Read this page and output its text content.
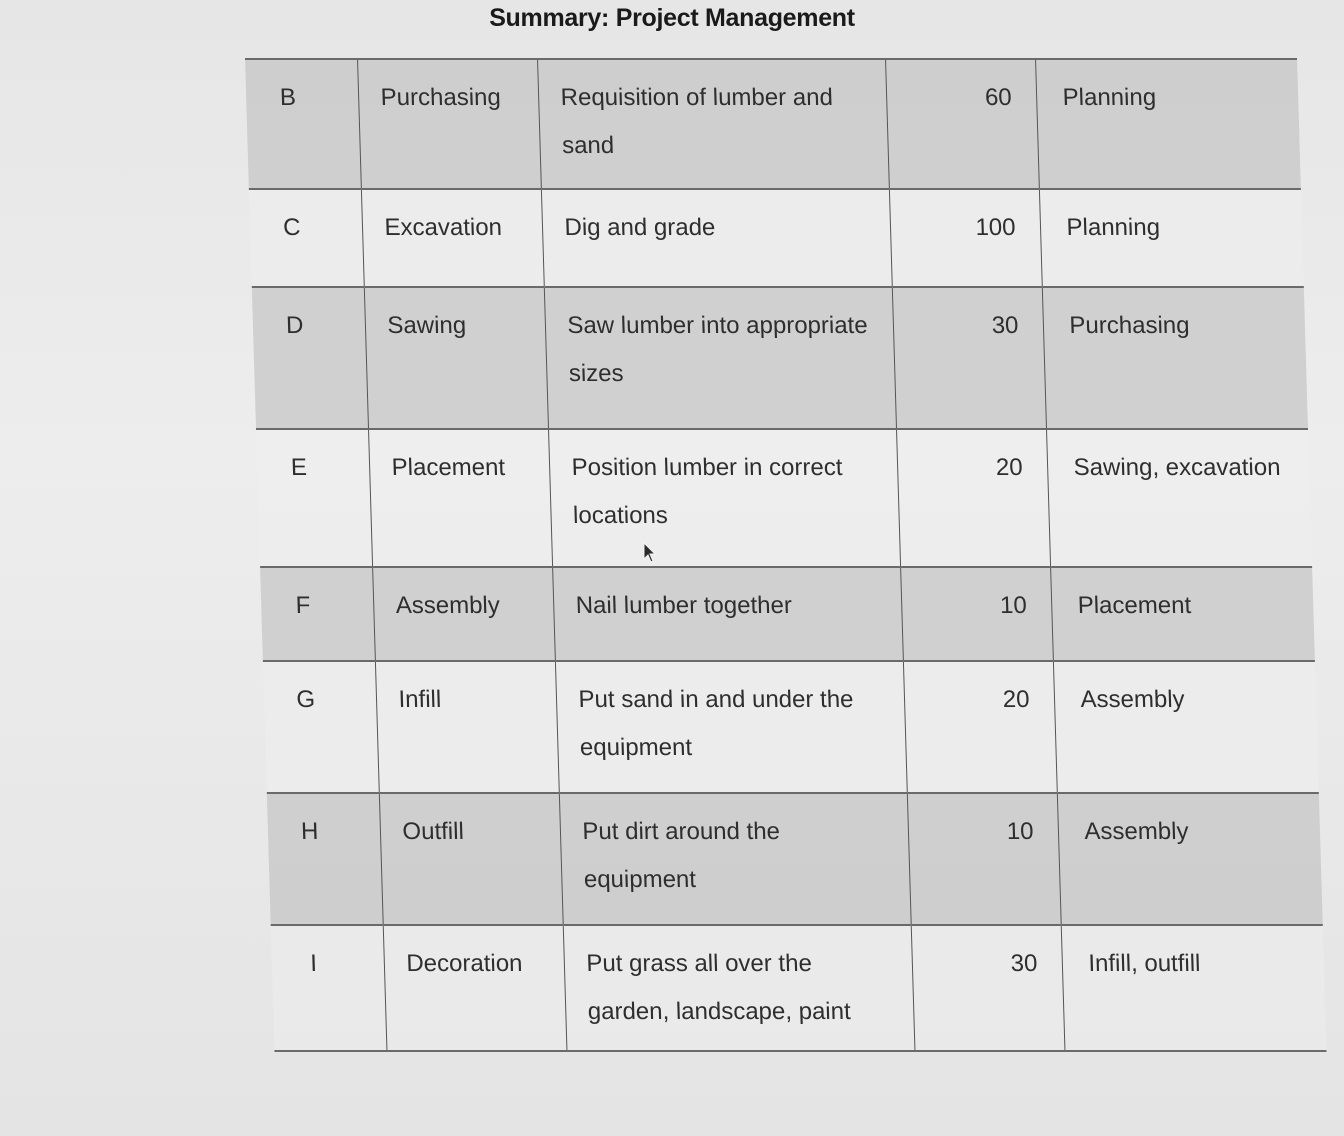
Summary: Project Management
B	Purchasing	Requisition of lumber and sand	60	Planning
C	Excavation	Dig and grade	100	Planning
D	Sawing	Saw lumber into appropriate sizes	30	Purchasing
E	Placement	Position lumber in correct locations	20	Sawing, excavation
F	Assembly	Nail lumber together	10	Placement
G	Infill	Put sand in and under the equipment	20	Assembly
H	Outfill	Put dirt around the equipment	10	Assembly
I	Decoration	Put grass all over the garden, landscape, paint	30	Infill, outfill
